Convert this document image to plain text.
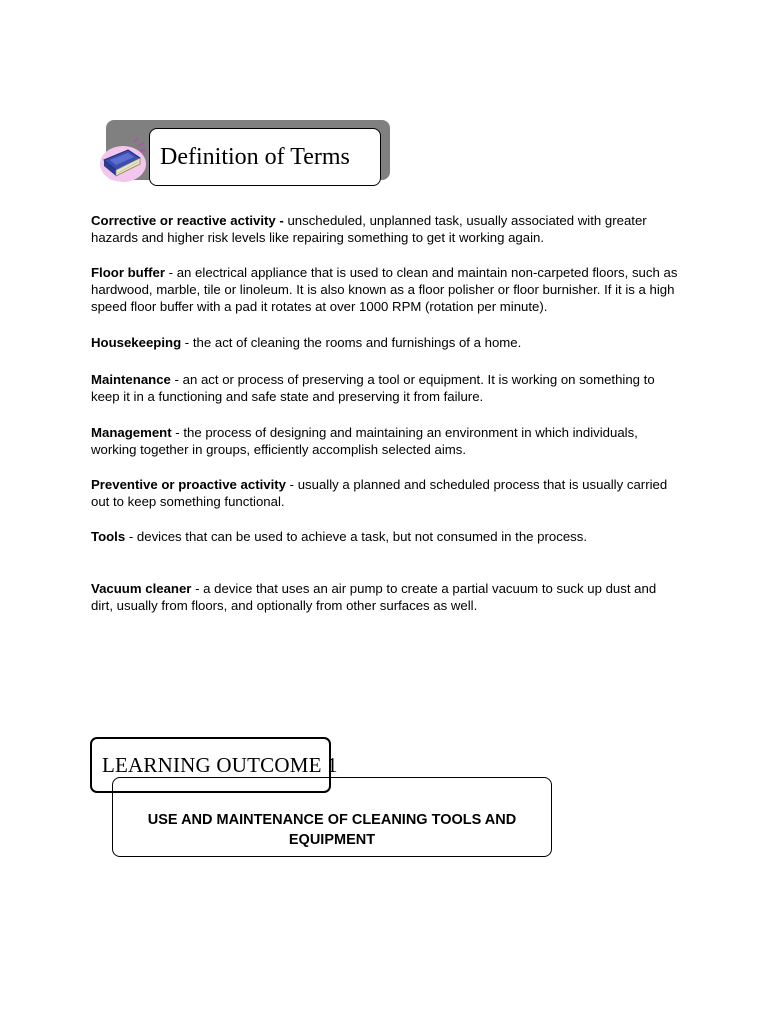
Definition of Terms

Corrective or reactive activity - unscheduled, unplanned task, usually associated with greater hazards and higher risk levels like repairing something to get it working again.

Floor buffer - an electrical appliance that is used to clean and maintain non-carpeted floors, such as hardwood, marble, tile or linoleum. It is also known as a floor polisher or floor burnisher. If it is a high speed floor buffer with a pad it rotates at over 1000 RPM (rotation per minute).

Housekeeping - the act of cleaning the rooms and furnishings of a home.

Maintenance - an act or process of preserving a tool or equipment. It is working on something to keep it in a functioning and safe state and preserving it from failure.

Management - the process of designing and maintaining an environment in which individuals, working together in groups, efficiently accomplish selected aims.

Preventive or proactive activity - usually a planned and scheduled process that is usually carried out to keep something functional.

Tools - devices that can be used to achieve a task, but not consumed in the process.

Vacuum cleaner - a device that uses an air pump to create a partial vacuum to suck up dust and dirt, usually from floors, and optionally from other surfaces as well.

USE AND MAINTENANCE OF CLEANING TOOLS AND
EQUIPMENT
LEARNING OUTCOME 1
